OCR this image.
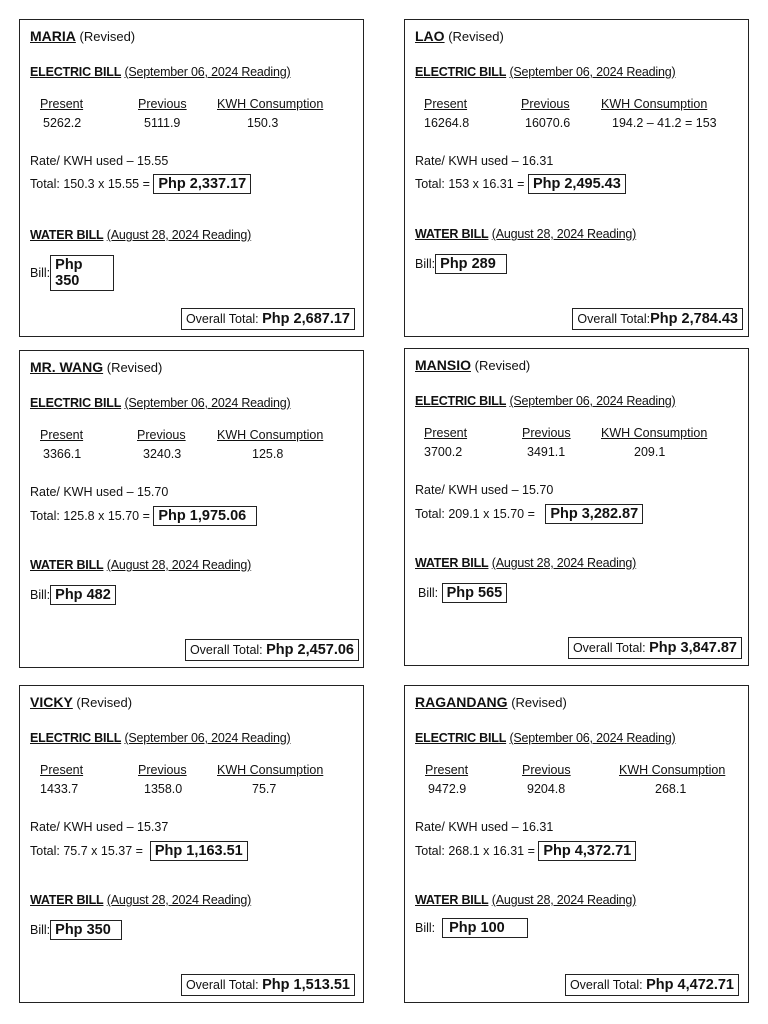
MARIA (Revised)
ELECTRIC BILL (September 06, 2024 Reading)
Present	Previous KWH Consumption
5262.2	5111.9	150.3
Rate/ KWH used – 15.55
Total: 150.3 x 15.55 =
Php 2,337.17
WATER BILL (August 28, 2024 Reading)
Bill: Php 350
Overall Total: Php 2,687.17
LAO (Revised)
ELECTRIC BILL (September 06, 2024 Reading)
Present	Previous	KWH Consumption
16264.8	16070.6	194.2 – 41.2 = 153
Rate/ KWH used – 16.31
Total: 153 x 16.31 =
Php 2,495.43
WATER BILL (August 28, 2024 Reading)
Bill: Php 289
Overall Total:Php 2,784.43
MR. WANG (Revised)
ELECTRIC BILL (September 06, 2024 Reading)
Present	Previous	KWH Consumption
3366.1	3240.3	125.8
Rate/ KWH used – 15.70
Total: 125.8 x 15.70 =
Php 1,975.06
WATER BILL (August 28, 2024 Reading)
Bill: Php 482
Overall Total: Php 2,457.06
MANSIO (Revised)
ELECTRIC BILL (September 06, 2024 Reading)
Present	Previous KWH Consumption
3700.2	3491.1	209.1
Rate/ KWH used – 15.70
Total: 209.1 x 15.70 =
	Php 3,282.87
WATER BILL (August 28, 2024 Reading)
Bill:
Php 565
Overall Total: Php 3,847.87
VICKY (Revised)
ELECTRIC BILL (September 06, 2024 Reading)
Present	Previous KWH Consumption
1433.7	1358.0	75.7
Rate/ KWH used – 15.37
Total: 75.7 x 15.37 =
Php 1,163.51
WATER BILL (August 28, 2024 Reading)
Bill: Php 350
Overall Total: Php 1,513.51
RAGANDANG (Revised)
ELECTRIC BILL (September 06, 2024 Reading)
Present	Previous	KWH Consumption
9472.9	9204.8	268.1
Rate/ KWH used – 16.31
Total: 268.1 x 16.31 =
Php 4,372.71
WATER BILL (August 28, 2024 Reading)
Bill:
Php 100
Overall Total: Php 4,472.71
